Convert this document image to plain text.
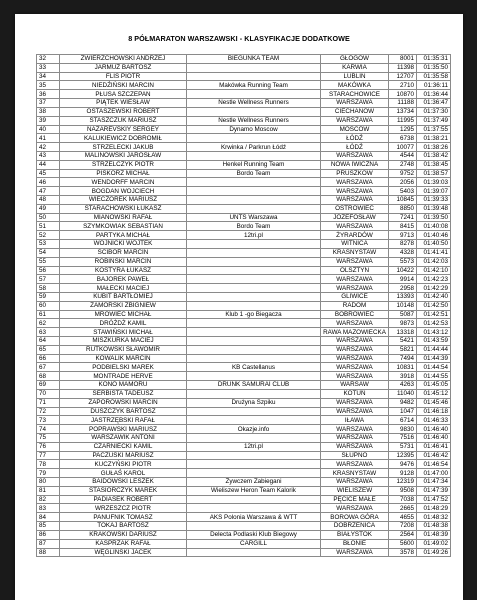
8 PÓŁMARATON WARSZAWSKI - KLASYFIKACJE DODATKOWE
32	ZWIERZCHOWSKI ANDRZEJ	BIEGUNKA TEAM	GŁOGÓW	8001	01:35:31
33	JARMUŻ BARTOSZ		KARWIA	11398	01:35:50
34	FLIS PIOTR		LUBLIN	12707	01:35:58
35	NIEDŹIŃSKI MARCIN	Makówka Running Team	MAKÓWKA	2710	01:36:11
36	PŁUSA SZCZEPAN		STARACHOWICE	10870	01:36:44
37	PIĄTEK WIESŁAW	Nestle Wellness Runners	WARSZAWA	11188	01:36:47
38	OSTASZEWSKI ROBERT		CIECHANÓW	13734	01:37:30
39	STASZCZUK MARIUSZ	Nestle Wellness Runners	WARSZAWA	11995	01:37:49
40	NAZAREVSKIY SERGEY	Dynamo Moscow	MOSCOW	1295	01:37:55
41	KALUKIEWICZ DOBROMIŁ		ŁÓDŹ	6738	01:38:21
42	STRZELECKI JAKUB	Krwinka / Parkrun Łódź	ŁÓDŹ	10077	01:38:26
43	MALINOWSKI JAROSŁAW		WARSZAWA	4544	01:38:42
44	STRZELCZYK PIOTR	Henkel Running Team	NOWA IWICZNA	2748	01:38:45
45	PISKORZ MICHAŁ	Bordo Team	PRUSZKÓW	9752	01:38:57
46	WENDORFF MARCIN		WARSZAWA	2056	01:39:03
47	BOGDAN WOJCIECH		WARSZAWA	5403	01:39:07
48	WIECZOREK MARIUSZ		WARSZAWA	10845	01:39:33
49	STARACHOWSKI ŁUKASZ		OSTROWIEC	8850	01:39:48
50	MIANOWSKI RAFAŁ	UNTS Warszawa	JÓZEFOSŁAW	7241	01:39:50
51	SZYMKOWIAK SEBASTIAN	Bordo Team	WARSZAWA	8415	01:40:08
52	PARTYKA MICHAŁ	12tri.pl	ŻYRARDÓW	9713	01:40:46
53	WOJNICKI WOJTEK		WITNICA	8278	01:40:50
54	ŚCIBOR MARCIN		KRASNYSTAW	4328	01:41:41
55	ROBIŃSKI MARCIN		WARSZAWA	5573	01:42:03
56	KOSTYRA ŁUKASZ		OLSZTYN	10422	01:42:10
57	BAJOREK PAWEŁ		WARSZAWA	9914	01:42:23
58	MAŁECKI MACIEJ		WARSZAWA	2958	01:42:29
59	KUBIT BARTŁOMIEJ		GLIWICE	13393	01:42:40
60	ZAMORSKI ZBIGNIEW		RADOM	10148	01:42:50
61	MROWIEC MICHAŁ	Klub 1 -go Biegacza	BOBROWIEC	5087	01:42:51
62	DRÓŻDŻ KAMIL		WARSZAWA	9873	01:42:53
63	STAWIŃSKI MICHAŁ		RAWA MAZOWIECKA	13318	01:43:12
64	MISZKURKA MACIEJ		WARSZAWA	5421	01:43:59
65	RUTKOWSKI SŁAWOMIR		WARSZAWA	5821	01:44:44
66	KOWALIK MARCIN		WARSZAWA	7494	01:44:39
67	PODBIELSKI MAREK	KB Castellanus	WARSZAWA	10831	01:44:54
68	MONTRADE HERVE		WARSZAWA	3918	01:44:55
69	KONO MAMORU	DRUNK SAMURAI CLUB	WARSAW	4263	01:45:05
70	SERBISTA TADEUSZ		KOTUŃ	11040	01:45:12
71	ZAPOROWSKI MARCIN	Drużyna Szpiku	WARSZAWA	9482	01:45:46
72	DUSZCZYK BARTOSZ		WARSZAWA	1047	01:46:18
73	JASTRZĘBSKI RAFAŁ		IŁAWA	6714	01:46:33
74	POPRAWSKI MARIUSZ	Okazje.info	WARSZAWA	9830	01:46:40
75	WARSZAWIK ANTONI		WARSZAWA	7516	01:46:40
76	CZARNIECKI KAMIL	12tri.pl	WARSZAWA	5731	01:46:41
77	PACZUSKI MARIUSZ		SŁUPNO	12395	01:46:42
78	KUCZYŃSKI PIOTR		WARSZAWA	9476	01:46:54
79	GUŁAŚ KAROL		KRASNYSTAW	9128	01:47:00
80	BAIDOWSKI LESZEK	Żywczem Zabiegani	WARSZAWA	12319	01:47:34
81	STASIORCZYK MAREK	Wieliszew Heron Team Kalorik	WIELISZEW	9508	01:47:39
82	PADIASEK ROBERT		PĘCICE MAŁE	7038	01:47:52
83	WRZESZCZ PIOTR		WARSZAWA	2665	01:48:29
84	PANUFNIK TOMASZ	AKS Polonia Warszawa & WTT	BOROWA GÓRA	4655	01:48:32
85	TOKAJ BARTOSZ		DOBRZENICA	7208	01:48:38
86	KRAKOWSKI DARIUSZ	Delecta Podlaski Klub Biegowy	BIAŁYSTOK	2564	01:48:39
87	KASPRZAK RAFAŁ	CARGILL	BŁONIE	5600	01:49:02
88	WĘGLIŃSKI JACEK		WARSZAWA	3578	01:49:26
